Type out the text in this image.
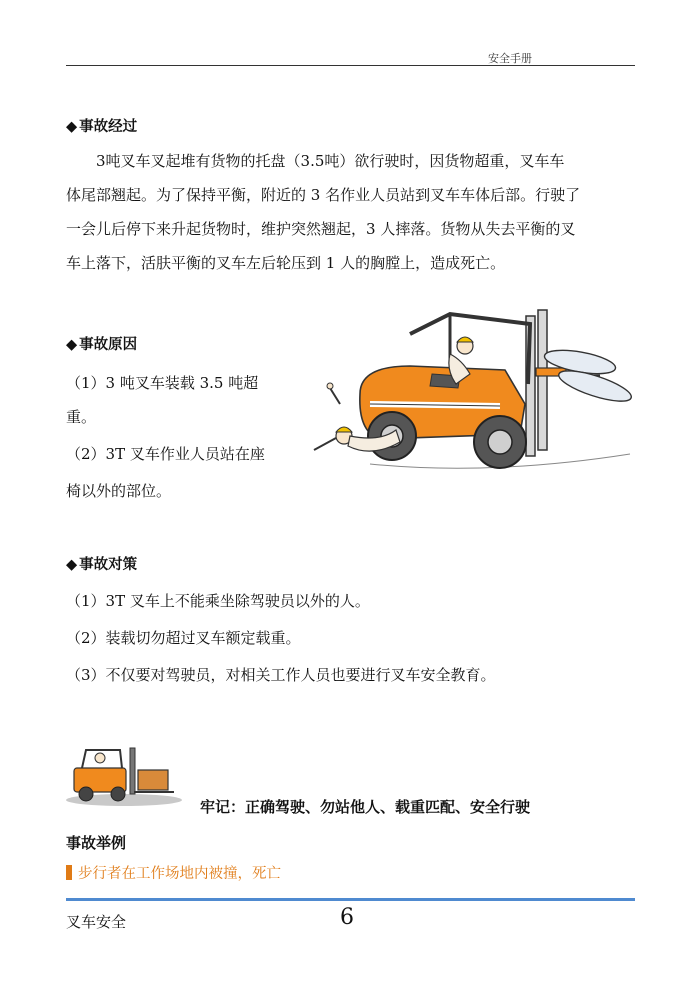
安全手册
◆ 事故经过
3吨叉车叉起堆有货物的托盘（3.5吨）欲行驶时，因货物超重，叉车车
体尾部翘起。为了保持平衡，附近的 3 名作业人员站到叉车车体后部。行驶了
一会儿后停下来升起货物时，维护突然翘起，3 人摔落。货物从失去平衡的叉
车上落下，活肤平衡的叉车左后轮压到 1 人的胸膛上，造成死亡。
◆ 事故原因
（1）3 吨叉车装载 3.5 吨超
重。
（2）3T 叉车作业人员站在座
椅以外的部位。
◆ 事故对策
（1）3T 叉车上不能乘坐除驾驶员以外的人。
（2）装载切勿超过叉车额定载重。
（3）不仅要对驾驶员，对相关工作人员也要进行叉车安全教育。
牢记：正确驾驶、勿站他人、载重匹配、安全行驶
事故举例
步行者在工作场地内被撞，死亡
叉车安全	6
